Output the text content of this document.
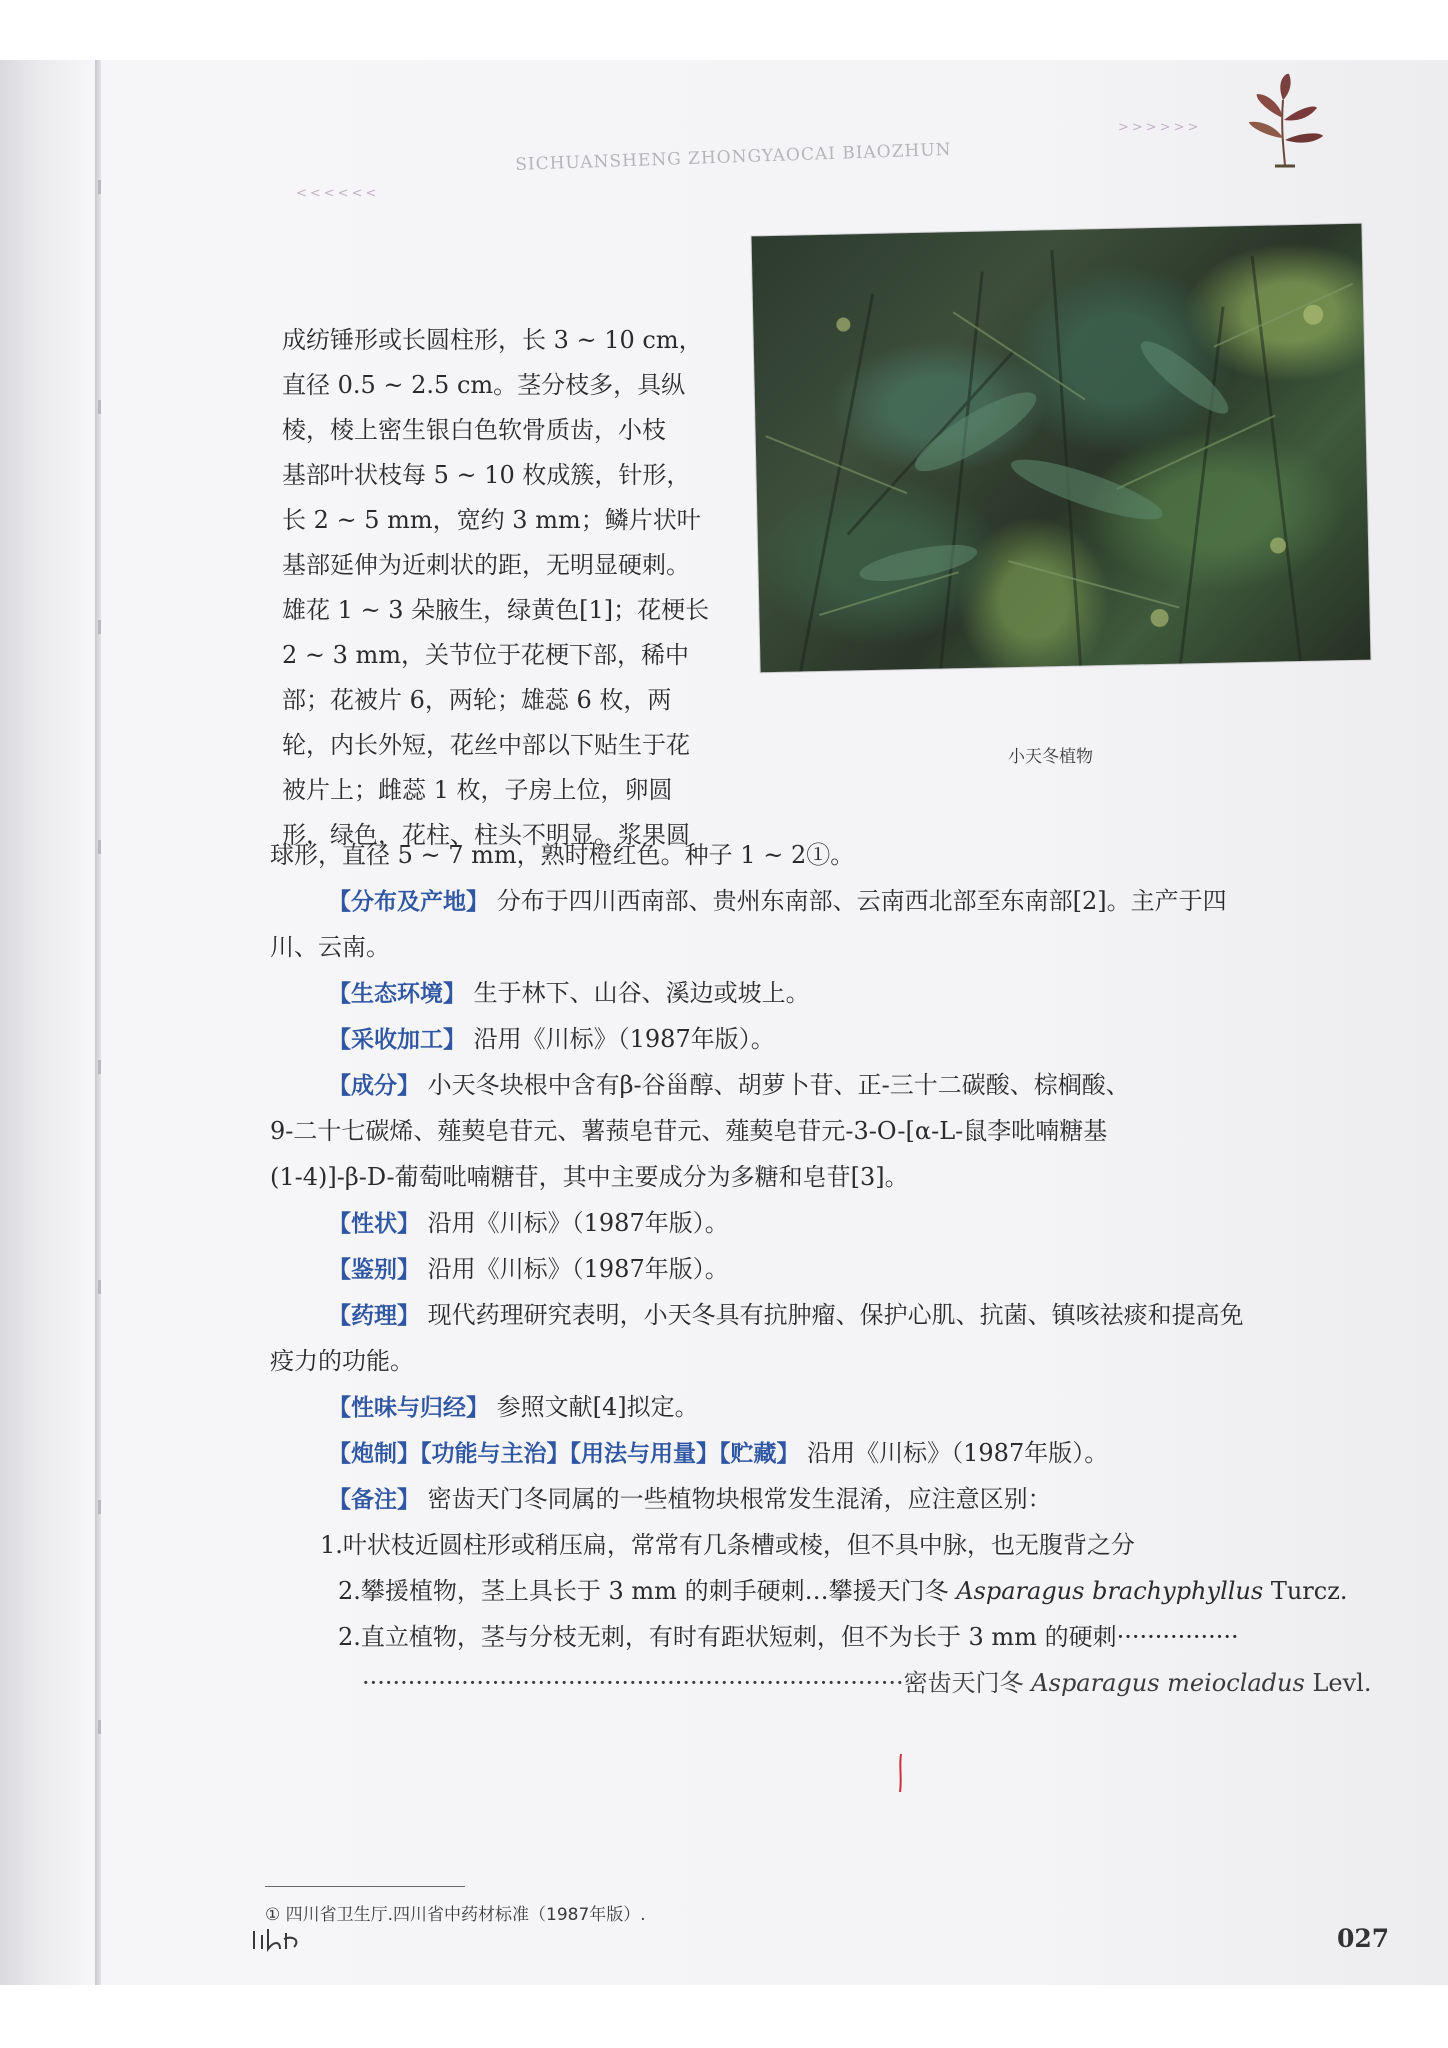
<<<<<<
SICHUANSHENG ZHONGYAOCAI BIAOZHUN
>>>>>>
小天冬植物
成纺锤形或长圆柱形，长 3 ~ 10 cm，
直径 0.5 ~ 2.5 cm。茎分枝多，具纵
棱，棱上密生银白色软骨质齿，小枝
基部叶状枝每 5 ~ 10 枚成簇，针形，
长 2 ~ 5 mm，宽约 3 mm；鳞片状叶
基部延伸为近刺状的距，无明显硬刺。
雄花 1 ~ 3 朵腋生，绿黄色[1]；花梗长
2 ~ 3 mm，关节位于花梗下部，稀中
部；花被片 6，两轮；雄蕊 6 枚，两
轮，内长外短，花丝中部以下贴生于花
被片上；雌蕊 1 枚，子房上位，卵圆
形，绿色，花柱、柱头不明显。浆果圆
球形，直径 5 ~ 7 mm，熟时橙红色。种子 1 ~ 2①。
【分布及产地】 分布于四川西南部、贵州东南部、云南西北部至东南部[2]。主产于四
川、云南。
【生态环境】 生于林下、山谷、溪边或坡上。
【采收加工】 沿用《川标》（1987年版）。
【成分】 小天冬块根中含有β-谷甾醇、胡萝卜苷、正-三十二碳酸、棕榈酸、
9-二十七碳烯、薤葜皂苷元、薯蓣皂苷元、薤葜皂苷元-3-O-[α-L-鼠李吡喃糖基
(1-4)]-β-D-葡萄吡喃糖苷，其中主要成分为多糖和皂苷[3]。
【性状】 沿用《川标》（1987年版）。
【鉴别】 沿用《川标》（1987年版）。
【药理】 现代药理研究表明，小天冬具有抗肿瘤、保护心肌、抗菌、镇咳祛痰和提高免
疫力的功能。
【性味与归经】 参照文献[4]拟定。
【炮制】【功能与主治】【用法与用量】【贮藏】 沿用《川标》（1987年版）。
【备注】 密齿天门冬同属的一些植物块根常发生混淆，应注意区别：
1.叶状枝近圆柱形或稍压扁，常常有几条槽或棱，但不具中脉，也无腹背之分
2.攀援植物，茎上具长于 3 mm 的刺手硬刺…攀援天门冬 Asparagus brachyphyllus Turcz.
2.直立植物，茎与分枝无刺，有时有距状短刺，但不为长于 3 mm 的硬刺················
·······································································密齿天门冬 Asparagus meiocladus Levl.
① 四川省卫生厅.四川省中药材标准（1987年版）.
027
